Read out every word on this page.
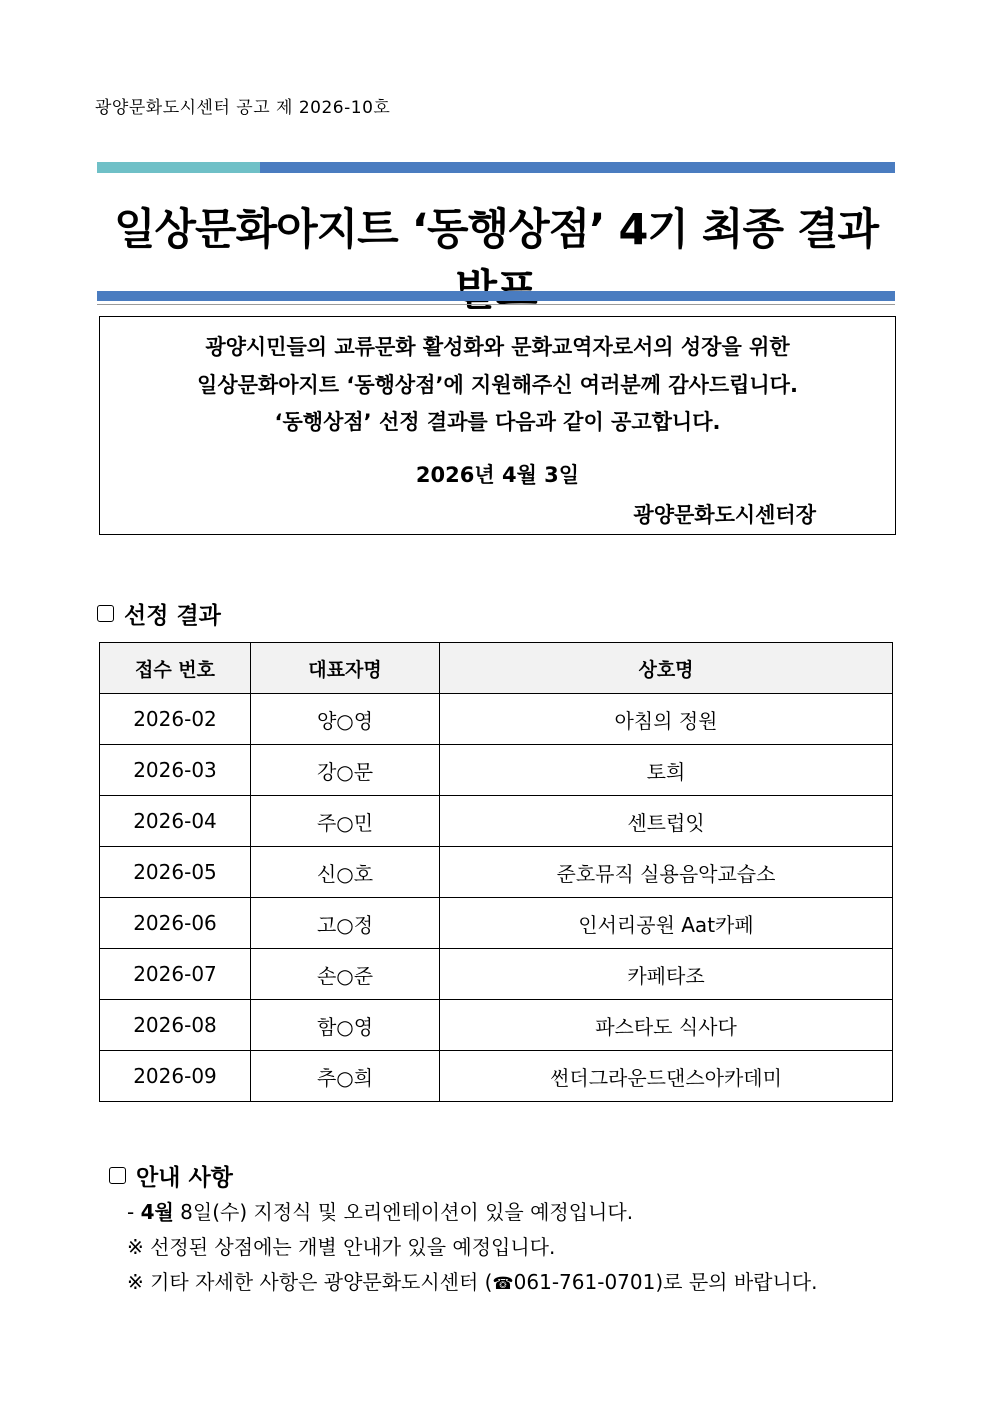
광양문화도시센터 공고 제 2026-10호
일상문화아지트 ‘동행상점’ 4기 최종 결과
광양시민들의 교류문화 활성화와 문화교역자로서의 성장을 위한
일상문화아지트 ‘동행상점’에 지원해주신 여러분께 감사드립니다.
‘동행상점’ 선정 결과를 다음과 같이 공고합니다.
2026년 4월 3일
광양문화도시센터장
선정 결과
접수 번호	대표자명	상호명
2026-02	양○영	아침의 정원
2026-03	강○문	토희
2026-04	주○민	센트럽잇
2026-05	신○호	준호뮤직 실용음악교습소
2026-06	고○정	인서리공원 Aat카페
2026-07	손○준	카페타조
2026-08	함○영	파스타도 식사다
2026-09	추○희	썬더그라운드댄스아카데미
안내 사항
- 4월 8일(수) 지정식 및 오리엔테이션이 있을 예정입니다.
※ 선정된 상점에는 개별 안내가 있을 예정입니다.
※ 기타 자세한 사항은 광양문화도시센터 (☎061-761-0701)로 문의 바랍니다.
